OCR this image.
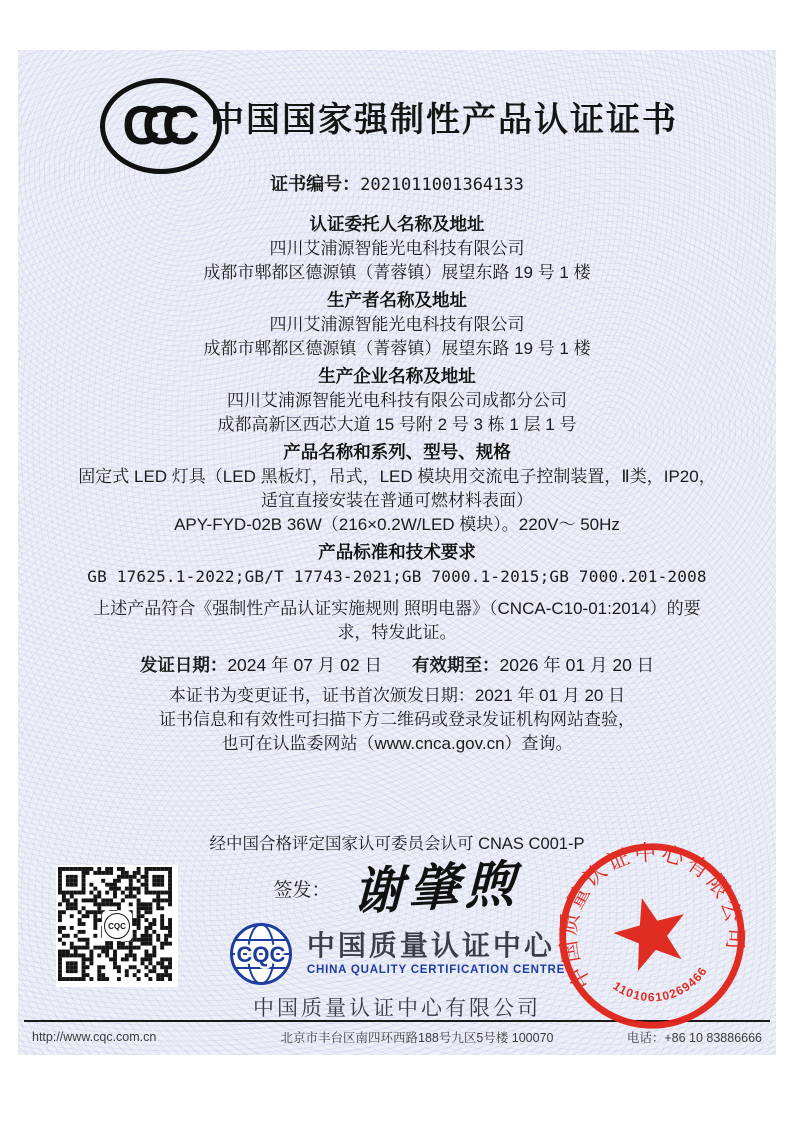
CCC 中国国家强制性产品认证证书
证书编号：2021011001364133
认证委托人名称及地址
四川艾浦源智能光电科技有限公司
成都市郫都区德源镇（菁蓉镇）展望东路 19 号 1 楼
生产者名称及地址
四川艾浦源智能光电科技有限公司
成都市郫都区德源镇（菁蓉镇）展望东路 19 号 1 楼
生产企业名称及地址
四川艾浦源智能光电科技有限公司成都分公司
成都高新区西芯大道 15 号附 2 号 3 栋 1 层 1 号
产品名称和系列、型号、规格
固定式 LED 灯具（LED 黑板灯，吊式，LED 模块用交流电子控制装置，Ⅱ类，IP20，
适宜直接安装在普通可燃材料表面）
APY-FYD-02B 36W（216×0.2W/LED 模块）。220V～ 50Hz
产品标准和技术要求
GB 17625.1-2022;GB/T 17743-2021;GB 7000.1-2015;GB 7000.201-2008
上述产品符合《强制性产品认证实施规则 照明电器》（CNCA-C10-01:2014）的要
求，特发此证。
发证日期：2024 年 07 月 02 日 有效期至：2026 年 01 月 20 日
本证书为变更证书，证书首次颁发日期：2021 年 01 月 20 日
证书信息和有效性可扫描下方二维码或登录发证机构网站查验，
也可在认监委网站（www.cnca.gov.cn）查询。
经中国合格评定国家认可委员会认可 CNAS C001-P
签发： 谢肇煦
CQC
CQC 中国质量认证中心
CHINA QUALITY CERTIFICATION CENTRE
中国质量认证中心有限公司
http://www.cqc.com.cn	北京市丰台区南四环西路188号九区5号楼 100070	电话：+86 10 83886666
中国质量认证中心有限公司
11010610269466
